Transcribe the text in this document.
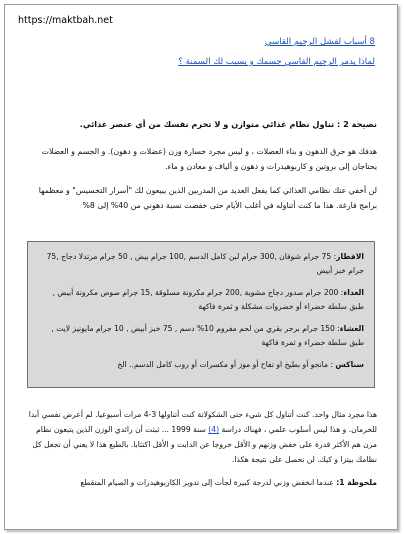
https://maktbah.net
8 أسباب لفشل الرجيم القاسي
لماذا يدمر الرجيم القاسي جسمك و يسبب لك السمنة ؟

نصيحة 2 : تناول نظام غذائي متوازن و لا تحرم نفسك من أي عنصر غذائي.

هدفك هو حرق الدهون و بناء العضلات ، و ليس مجرد خسارة وزن (عضلات و دهون). و الجسم و العضلات يحتاجان إلى بروتين و كاربوهيدرات و دهون و ألياف و معادن و ماء.

لن أخفي عنك نظامي الغذائي كما يفعل العديد من المدربين الذين يبيعون لك "أسرار التخسيس" و معظمها برامج فارغة. هذا ما كنت أتناوله في أغلب الأيام حتى خفضت نسبة دهوني من 40% إلى 8%

الافطار: 75 جرام شوفان ,300 جرام لبن كامل الدسم ,100 جرام بيض , 50 جرام مرتدلا دجاج ,75 جرام خبز أبيض

الغداء: 200 جرام صدور دجاج مشوية ,200 جرام مكرونة مسلوقة ,15 جرام صوص مكرونة أبيض , طبق سلطة خضراء أو خضروات مشكلة و ثمرة فاكهة

العشاء: 150 جرام برجر بقري من لحم مفروم 10% دسم , 75 خبز أبيض , 10 جرام مايونيز لايت , طبق سلطة خضراء و ثمرة فاكهة

سناكس : مانجو أو بطيخ او تفاح أو موز أو مكسرات أو روب كامل الدسم.. الخ

هذا مجرد مثال واحد. كنت أتناول كل شيء حتى الشكولاتة كنت أتناولها 3-4 مرات أسبوعيا. لم أعرض نفسي أبدا للحرمان. و هذا ليس أسلوب علمي ، فهناك دراسة (4) سنة 1999 ... ثبتت أن رائدي الوزن الذين يتبعون نظام مرن هم الأكثر قدرة على خفض وزنهم و الأقل خروجا عن الدايت و الأقل اكتئابا. بالطبع هذا لا يعني أن تجعل كل نظامك بيتزا و كيك. لن تحصل على نتيجة هكذا.

ملحوظة 1: عندما انخفض وزني لدرجة كبيرة لجأت إلى تدوير الكاربوهيدرات و الصيام المتقطع
